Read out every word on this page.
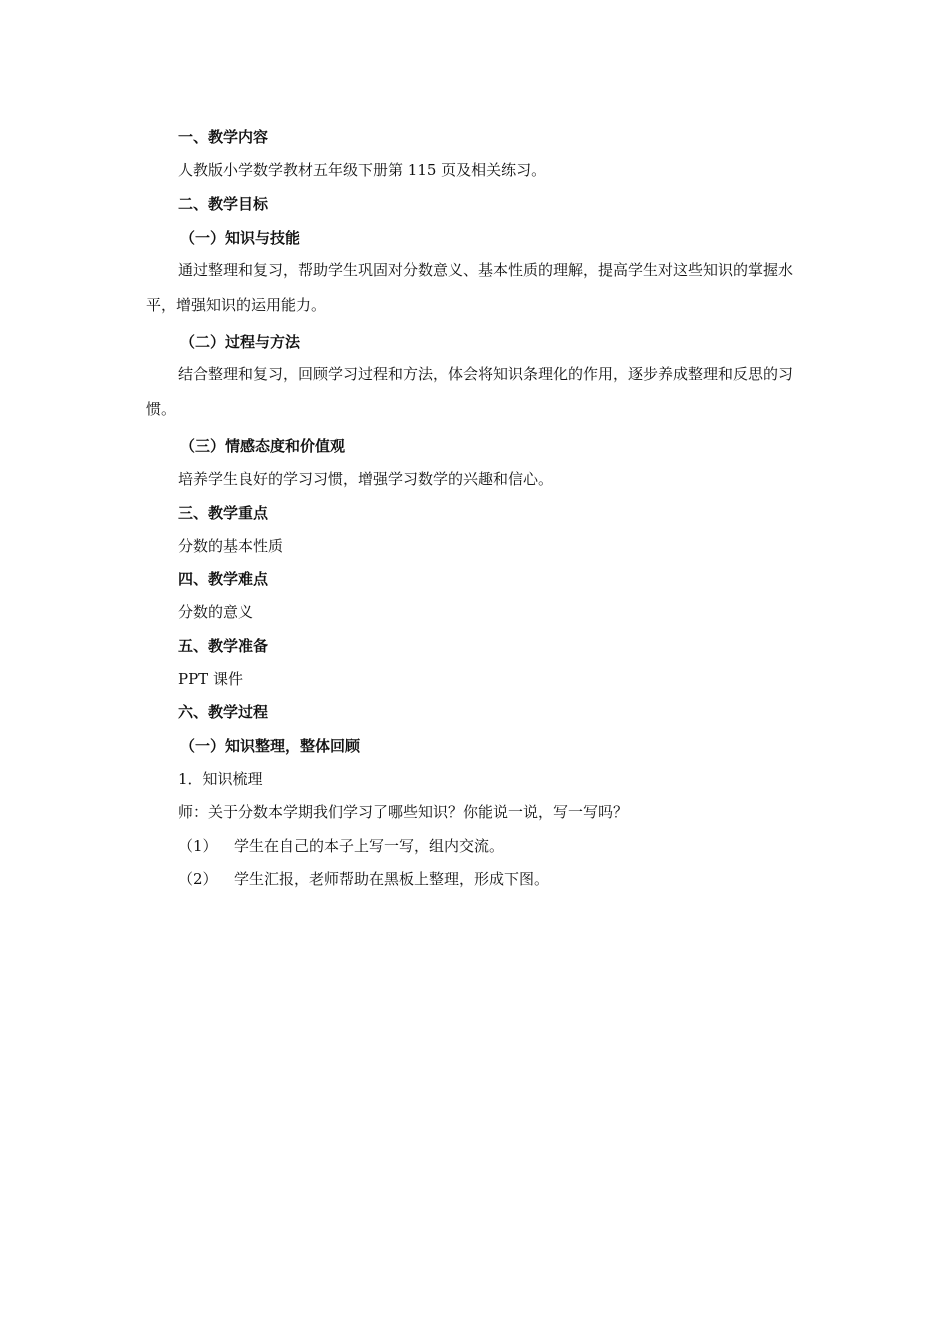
一、教学内容
人教版小学数学教材五年级下册第 115 页及相关练习。
二、教学目标
（一）知识与技能
通过整理和复习，帮助学生巩固对分数意义、基本性质的理解，提高学生对这些知识的掌握水平，增强知识的运用能力。
（二）过程与方法
结合整理和复习，回顾学习过程和方法，体会将知识条理化的作用，逐步养成整理和反思的习惯。
（三）情感态度和价值观
培养学生良好的学习习惯，增强学习数学的兴趣和信心。
三、教学重点
分数的基本性质
四、教学难点
分数的意义
五、教学准备
PPT 课件
六、教学过程
（一）知识整理，整体回顾
1．知识梳理
师：关于分数本学期我们学习了哪些知识？你能说一说，写一写吗？
（1） 学生在自己的本子上写一写，组内交流。
（2） 学生汇报，老师帮助在黑板上整理，形成下图。
